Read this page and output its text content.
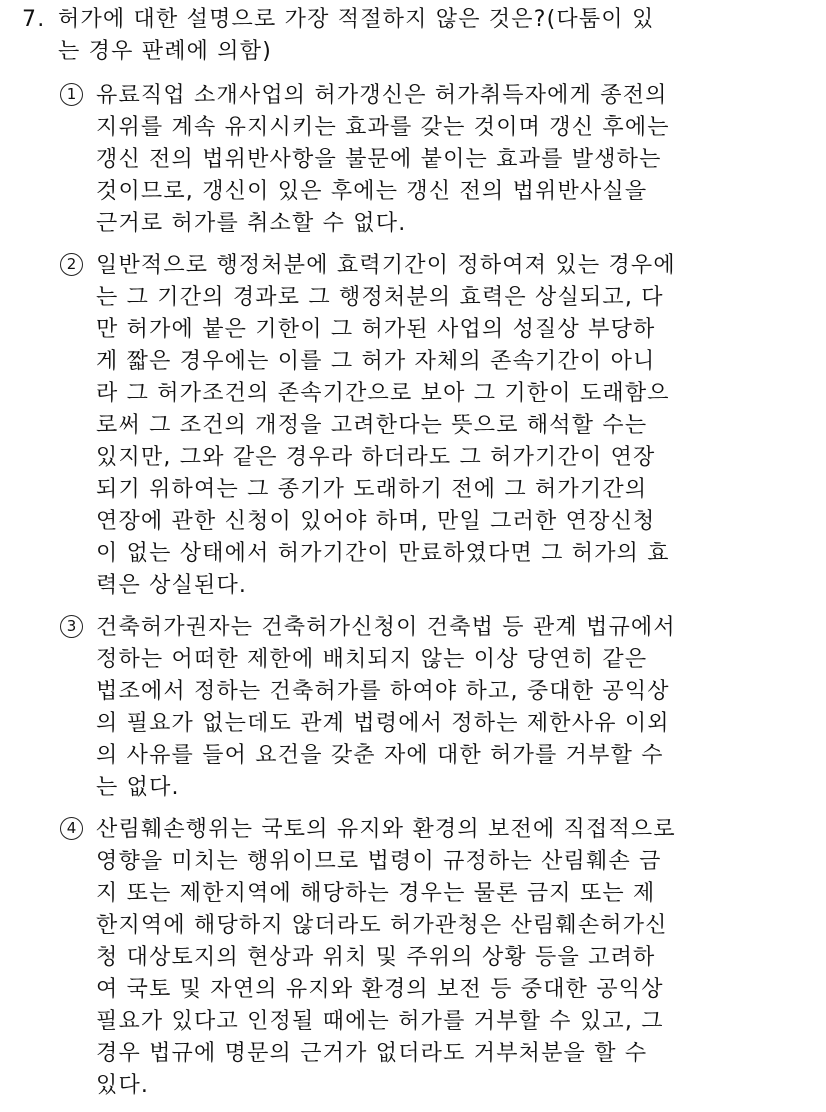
7. 허가에 대한 설명으로 가장 적절하지 않은 것은?(다툼이 있
는 경우 판례에 의함)
1 유료직업 소개사업의 허가갱신은 허가취득자에게 종전의
지위를 계속 유지시키는 효과를 갖는 것이며 갱신 후에는
갱신 전의 법위반사항을 불문에 붙이는 효과를 발생하는
것이므로, 갱신이 있은 후에는 갱신 전의 법위반사실을
근거로 허가를 취소할 수 없다.
2 일반적으로 행정처분에 효력기간이 정하여져 있는 경우에
는 그 기간의 경과로 그 행정처분의 효력은 상실되고, 다
만 허가에 붙은 기한이 그 허가된 사업의 성질상 부당하
게 짧은 경우에는 이를 그 허가 자체의 존속기간이 아니
라 그 허가조건의 존속기간으로 보아 그 기한이 도래함으
로써 그 조건의 개정을 고려한다는 뜻으로 해석할 수는
있지만, 그와 같은 경우라 하더라도 그 허가기간이 연장
되기 위하여는 그 종기가 도래하기 전에 그 허가기간의
연장에 관한 신청이 있어야 하며, 만일 그러한 연장신청
이 없는 상태에서 허가기간이 만료하였다면 그 허가의 효
력은 상실된다.
3 건축허가권자는 건축허가신청이 건축법 등 관계 법규에서
정하는 어떠한 제한에 배치되지 않는 이상 당연히 같은
법조에서 정하는 건축허가를 하여야 하고, 중대한 공익상
의 필요가 없는데도 관계 법령에서 정하는 제한사유 이외
의 사유를 들어 요건을 갖춘 자에 대한 허가를 거부할 수
는 없다.
4 산림훼손행위는 국토의 유지와 환경의 보전에 직접적으로
영향을 미치는 행위이므로 법령이 규정하는 산림훼손 금
지 또는 제한지역에 해당하는 경우는 물론 금지 또는 제
한지역에 해당하지 않더라도 허가관청은 산림훼손허가신
청 대상토지의 현상과 위치 및 주위의 상황 등을 고려하
여 국토 및 자연의 유지와 환경의 보전 등 중대한 공익상
필요가 있다고 인정될 때에는 허가를 거부할 수 있고, 그
경우 법규에 명문의 근거가 없더라도 거부처분을 할 수
있다.
